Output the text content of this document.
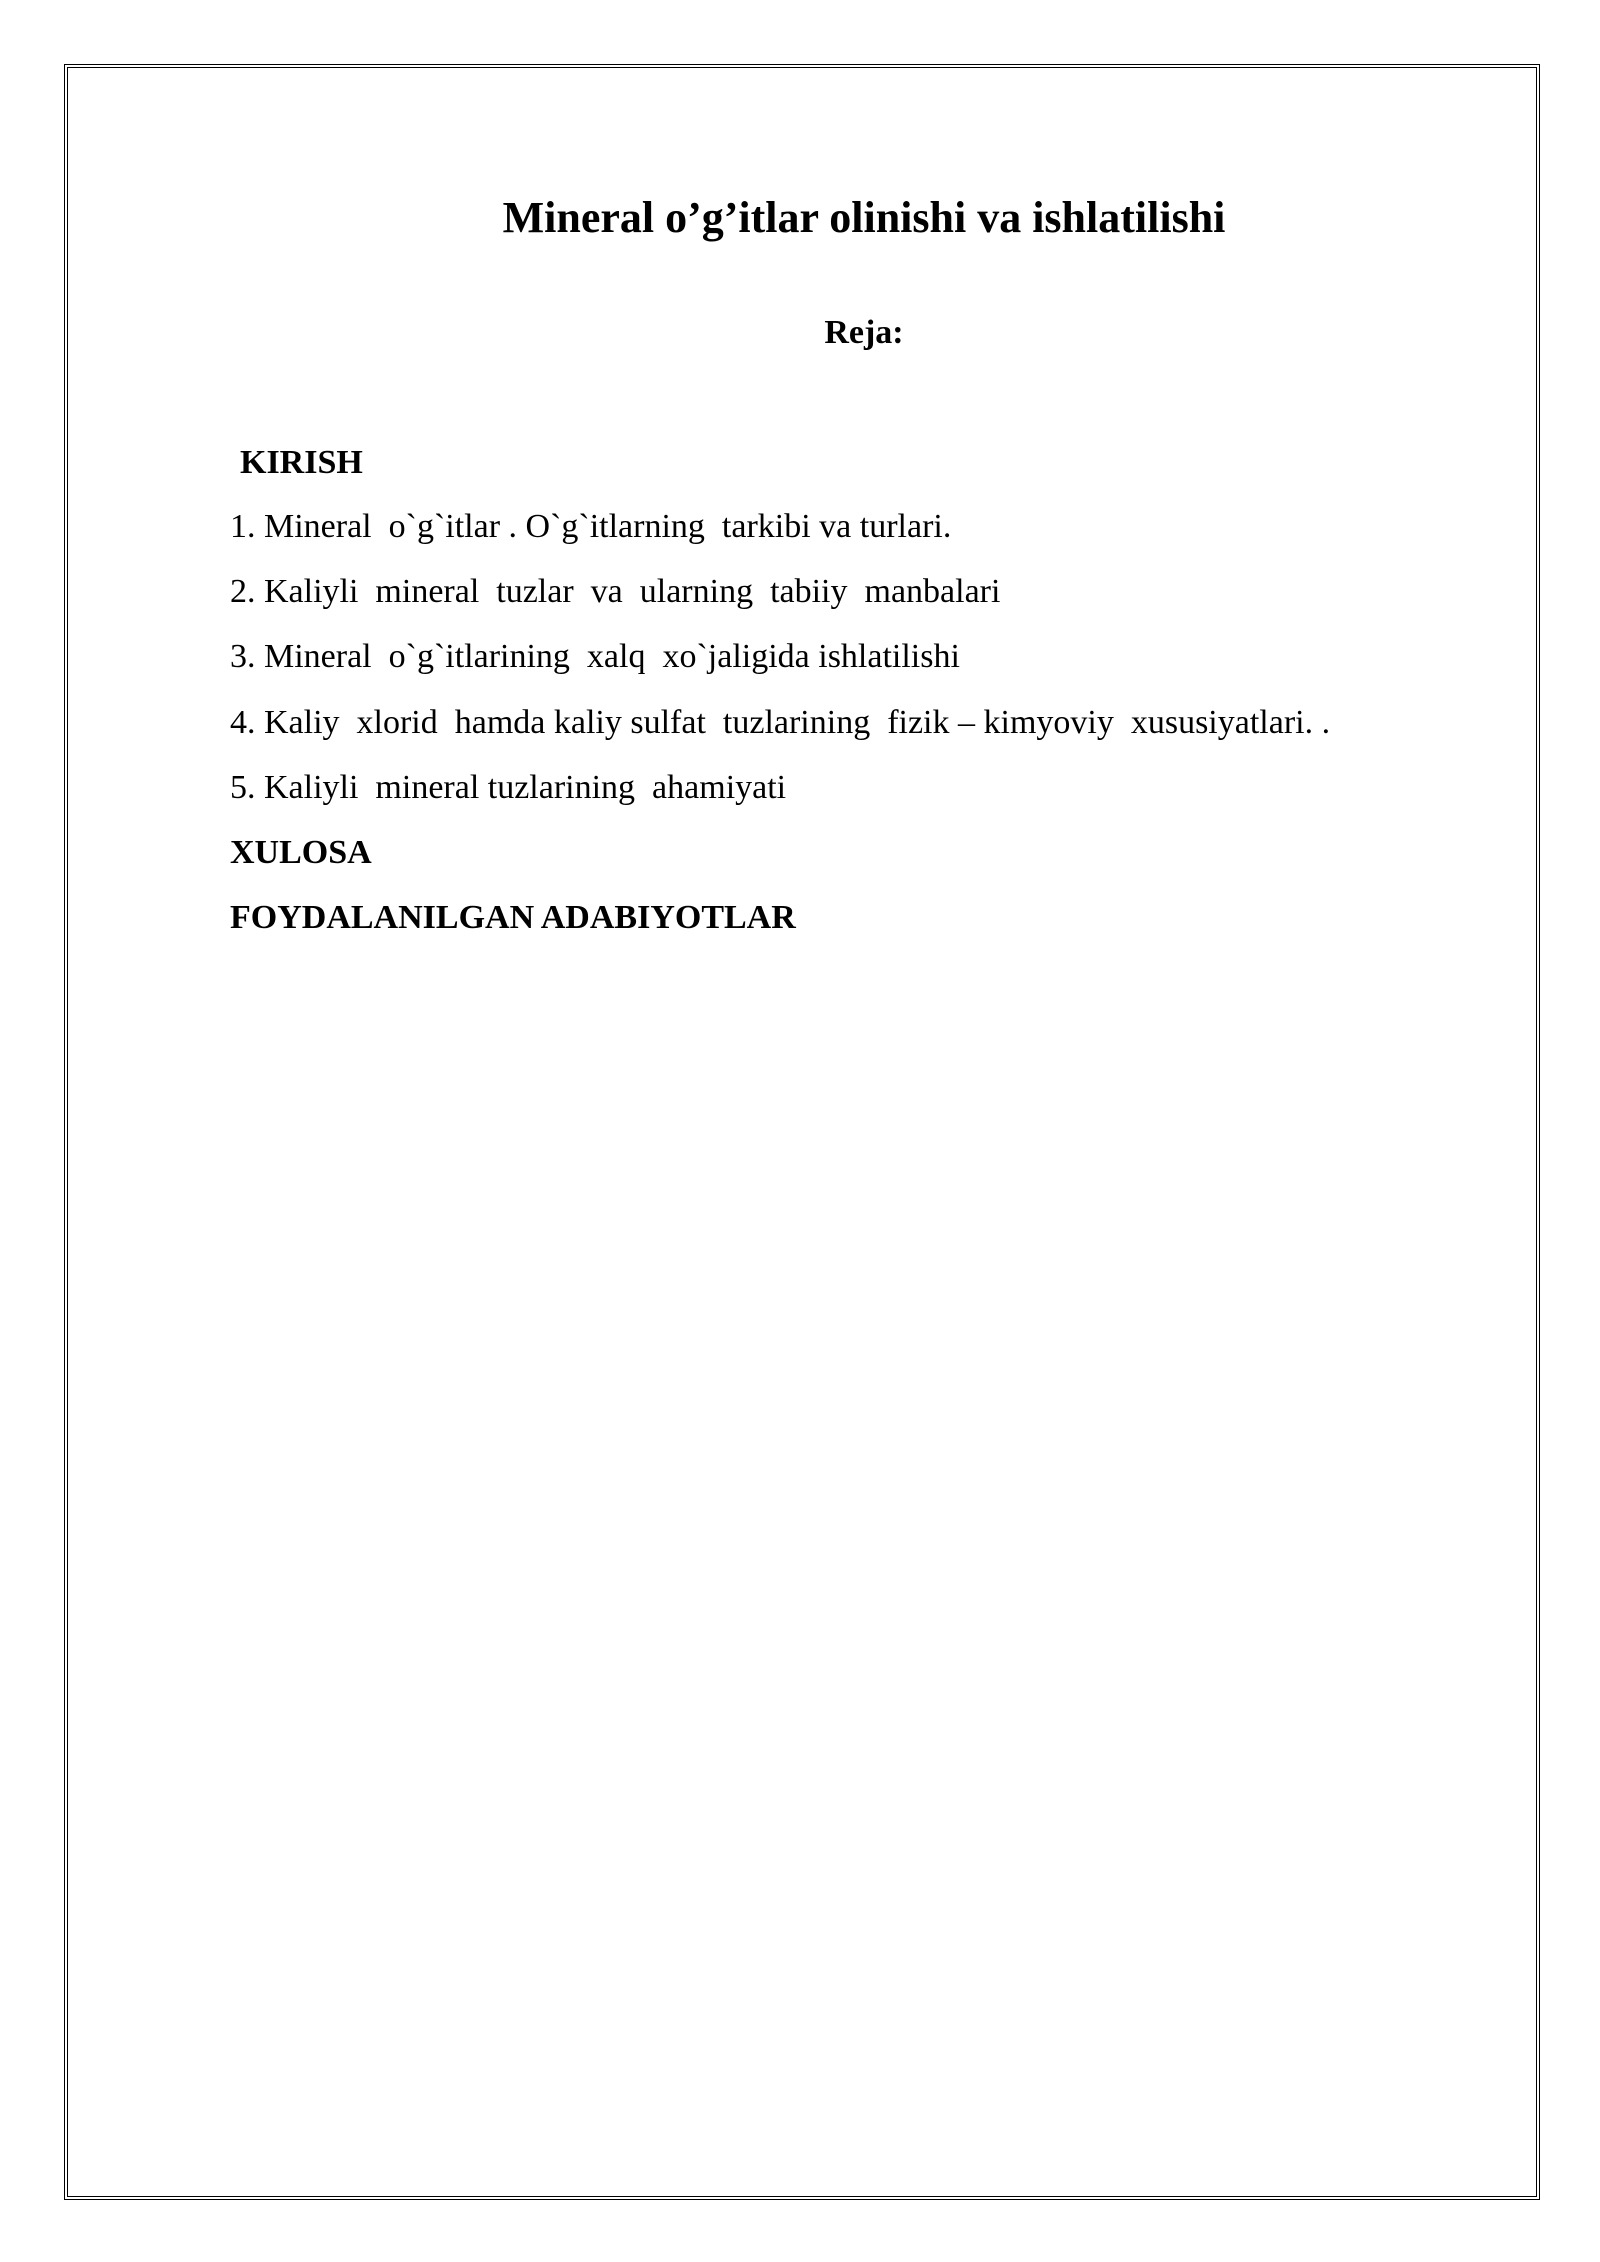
Mineral o’g’itlar olinishi va ishlatilishi
Reja:
KIRISH
1. Mineral  o`g`itlar . O`g`itlarning  tarkibi va turlari.
2. Kaliyli  mineral  tuzlar  va  ularning  tabiiy  manbalari
3. Mineral  o`g`itlarining  xalq  xo`jaligida ishlatilishi
4. Kaliy  xlorid  hamda kaliy sulfat  tuzlarining  fizik – kimyoviy  xususiyatlari. .
5. Kaliyli  mineral tuzlarining  ahamiyati
XULOSA
FOYDALANILGAN ADABIYOTLAR
